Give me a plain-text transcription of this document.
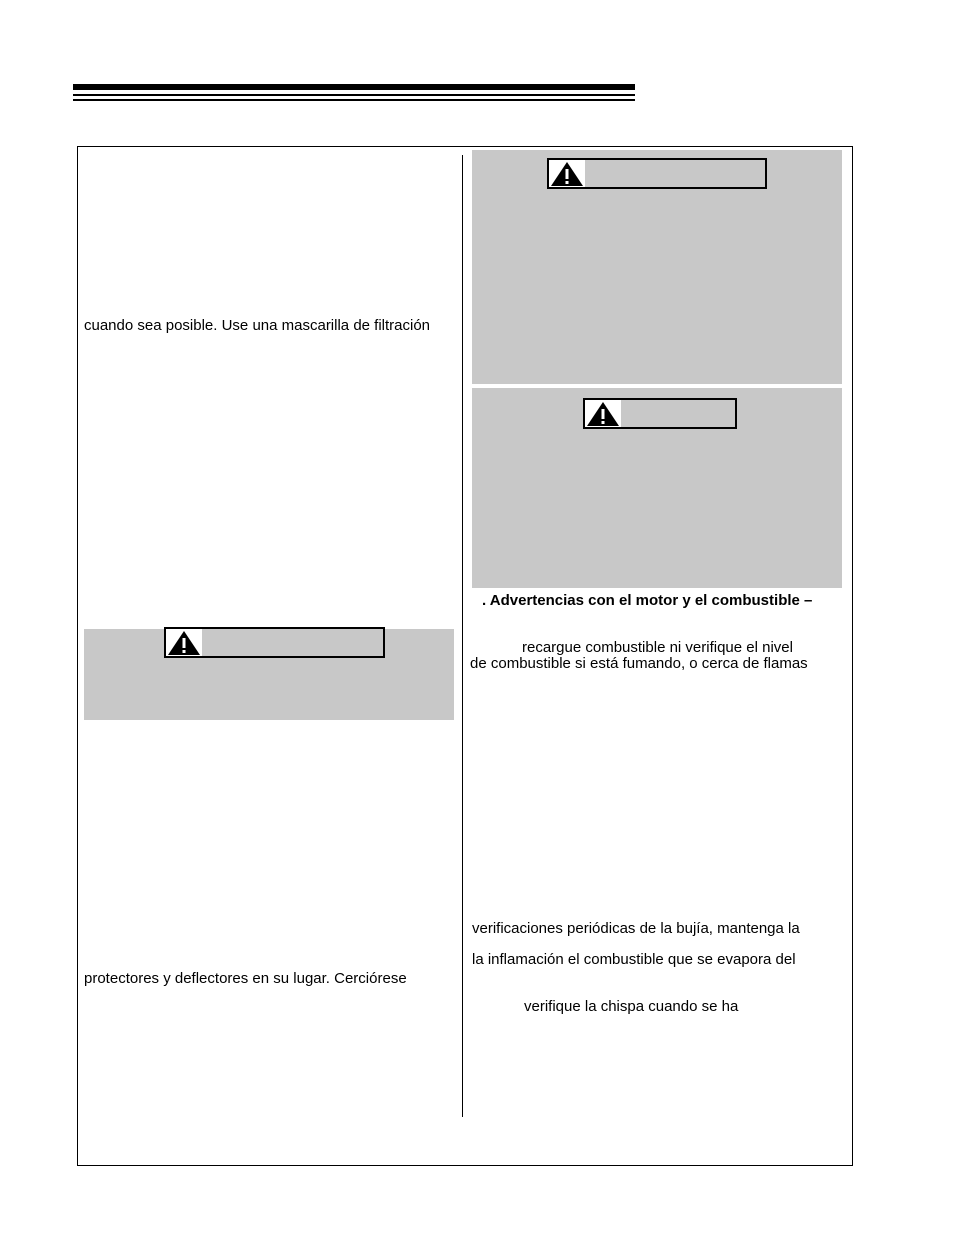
cuando sea posible. Use una mascarilla de filtración
protectores y deflectores en su lugar. Cerciórese
. Advertencias con el motor y el combustible –
recargue combustible ni verifique el nivel
de combustible si está fumando, o cerca de flamas
verificaciones periódicas de la bujía, mantenga la
la inflamación el combustible que se evapora del
verifique la chispa cuando se ha
